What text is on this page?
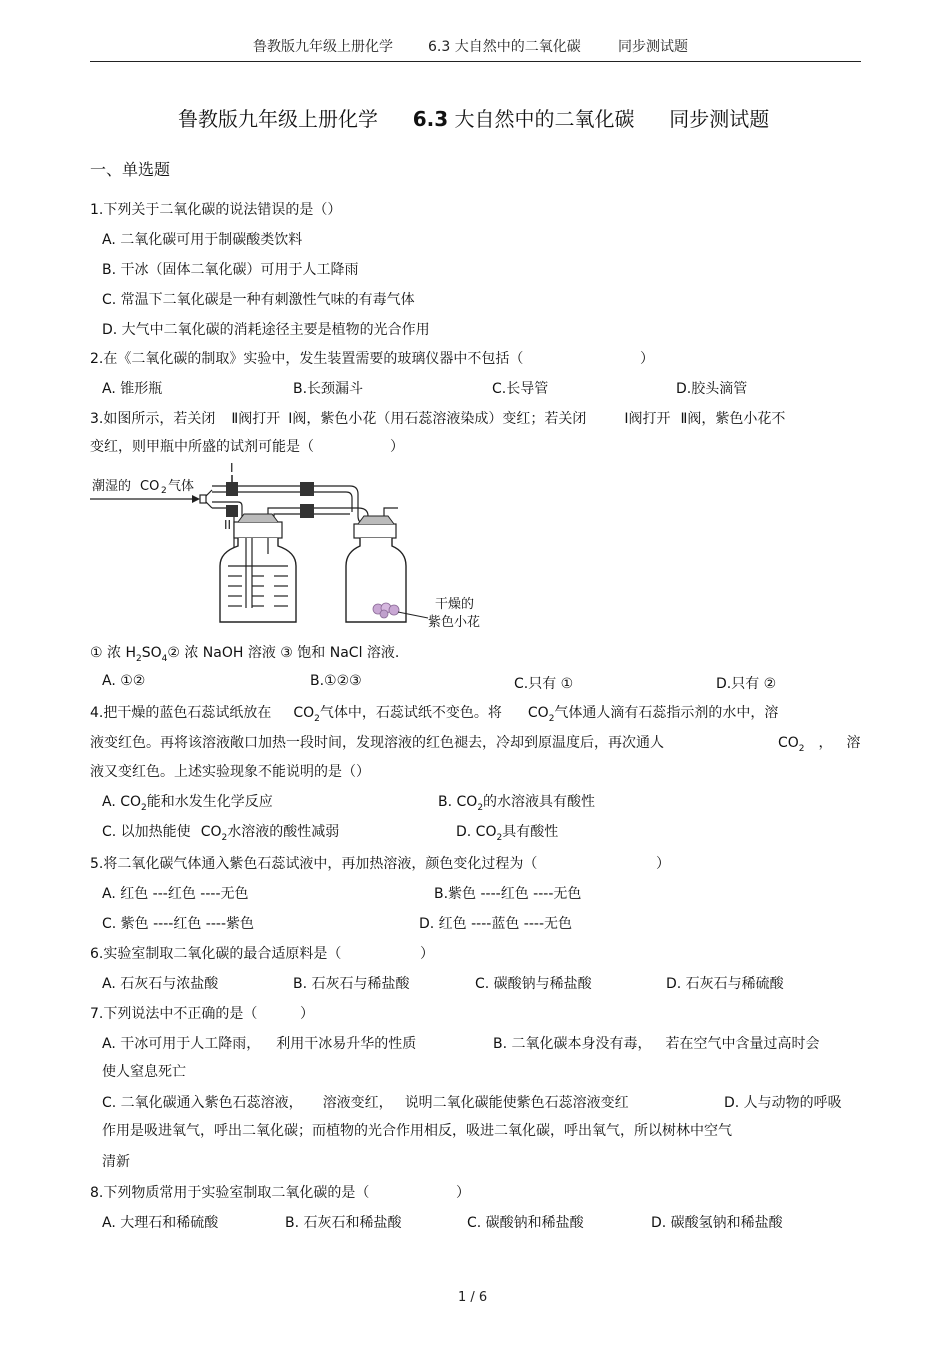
鲁教版九年级上册化学	6.3 大自然中的二氧化碳	同步测试题
鲁教版九年级上册化学 6.3 大自然中的二氧化碳 同步测试题
一、单选题
1.下列关于二氧化碳的说法错误的是（）
A. 二氧化碳可用于制碳酸类饮料
B. 干冰（固体二氧化碳）可用于人工降雨
C. 常温下二氧化碳是一种有刺激性气味的有毒气体
D. 大气中二氧化碳的消耗途径主要是植物的光合作用
2.在《二氧化碳的制取》实验中，发生装置需要的玻璃仪器中不包括（	）
A. 锥形瓶	B.长颈漏斗	C.长导管	D.胶头滴管
3.如图所示，若关闭 Ⅱ阀打开 Ⅰ阀，紫色小花（用石蕊溶液染成）变红；若关闭	Ⅰ阀打开 Ⅱ阀，紫色小花不
变红，则甲瓶中所盛的试剂可能是（	）
潮湿的 CO 2 气体
I
II
干燥的
紫色小花
① 浓 $H_2SO_4②$ 浓 NaOH 溶液 ③ 饱和 NaCl 溶液.
A. ①②	B.①②③	C.只有 ①	D.只有 ②
4.把干燥的蓝色石蕊试纸放在 $CO_2$气体中，石蕊试纸不变色。将 $CO_2$气体通人滴有石蕊指示剂的水中，溶
液变红色。再将该溶液敞口加热一段时间，发现溶液的红色褪去，冷却到原温度后，再次通人	$CO_2$ ， 溶
液又变红色。上述实验现象不能说明的是（）
A. $CO_2$能和水发生化学反应	B. $CO_2$的水溶液具有酸性
C. 以加热能使 $CO_2$水溶液的酸性减弱	D. $CO_2$具有酸性
5.将二氧化碳气体通入紫色石蕊试液中，再加热溶液，颜色变化过程为（	）
A. 红色 ---红色 ----无色	B.紫色 ----红色 ----无色
C. 紫色 ----红色 ----紫色	D. 红色 ----蓝色 ----无色
6.实验室制取二氧化碳的最合适原料是（	）
A. 石灰石与浓盐酸	B. 石灰石与稀盐酸	C. 碳酸钠与稀盐酸	D. 石灰石与稀硫酸
7.下列说法中不正确的是（	）
A. 干冰可用于人工降雨， 利用干冰易升华的性质	B. 二氧化碳本身没有毒， 若在空气中含量过高时会
使人窒息死亡
C. 二氧化碳通入紫色石蕊溶液， 溶液变红， 说明二氧化碳能使紫色石蕊溶液变红	D. 人与动物的呼吸
作用是吸进氧气，呼出二氧化碳；而植物的光合作用相反，吸进二氧化碳，呼出氧气，所以树林中空气
清新
8.下列物质常用于实验室制取二氧化碳的是（	）
A. 大理石和稀硫酸	B. 石灰石和稀盐酸	C. 碳酸钠和稀盐酸	D. 碳酸氢钠和稀盐酸
1 / 6
